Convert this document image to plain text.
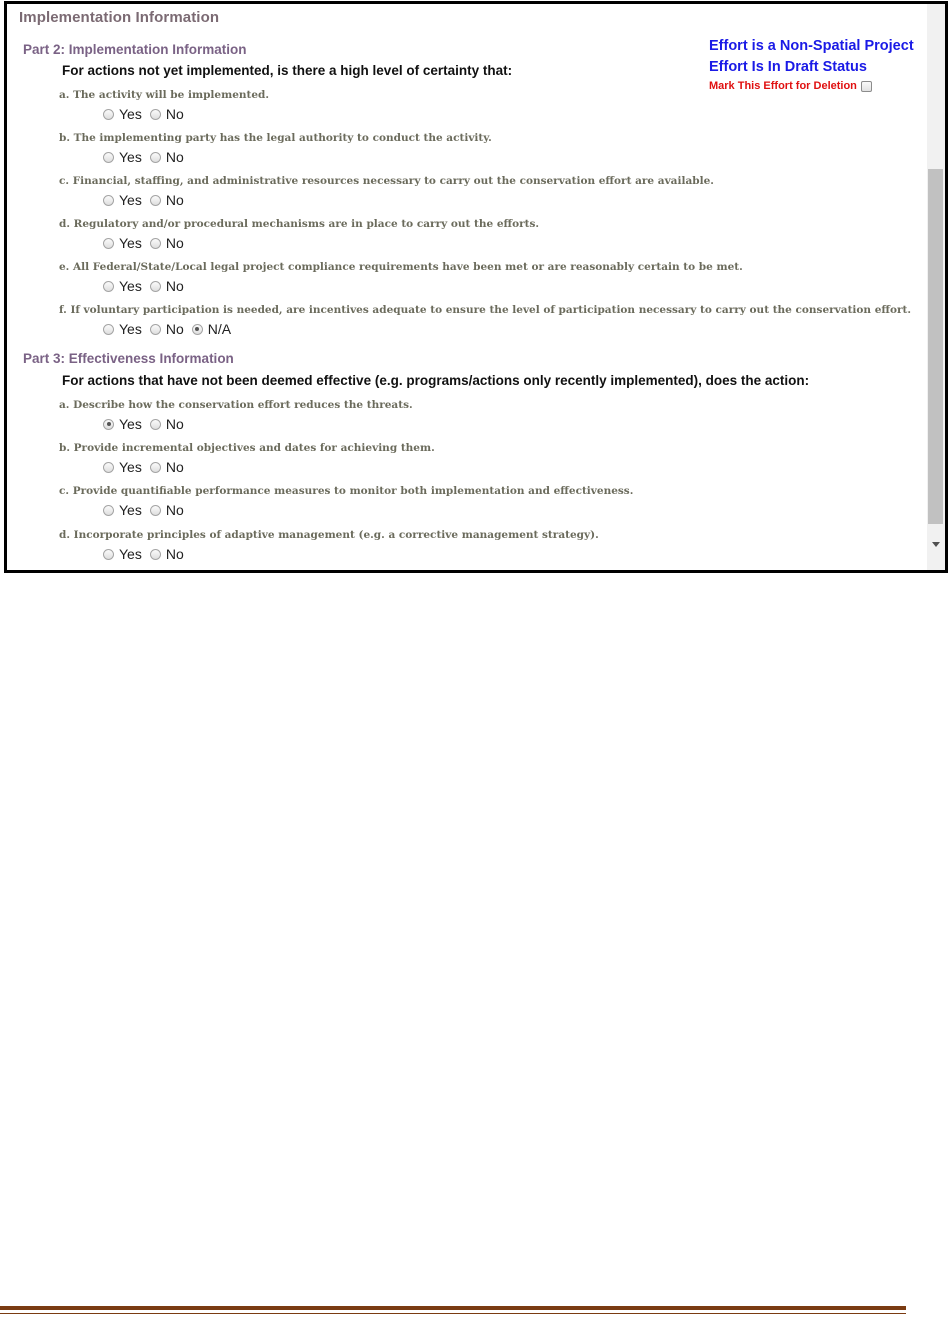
Implementation Information
Effort is a Non-Spatial Project
Effort Is In Draft Status
Mark This Effort for Deletion
Part 2: Implementation Information
For actions not yet implemented, is there a high level of certainty that:
a. The activity will be implemented.
Yes No
b. The implementing party has the legal authority to conduct the activity.
Yes No
c. Financial, staffing, and administrative resources necessary to carry out the conservation effort are available.
Yes No
d. Regulatory and/or procedural mechanisms are in place to carry out the efforts.
Yes No
e. All Federal/State/Local legal project compliance requirements have been met or are reasonably certain to be met.
Yes No
f. If voluntary participation is needed, are incentives adequate to ensure the level of participation necessary to carry out the conservation effort.
Yes No N/A
Part 3: Effectiveness Information
For actions that have not been deemed effective (e.g. programs/actions only recently implemented), does the action:
a. Describe how the conservation effort reduces the threats.
Yes No
b. Provide incremental objectives and dates for achieving them.
Yes No
c. Provide quantifiable performance measures to monitor both implementation and effectiveness.
Yes No
d. Incorporate principles of adaptive management (e.g. a corrective management strategy).
Yes No
